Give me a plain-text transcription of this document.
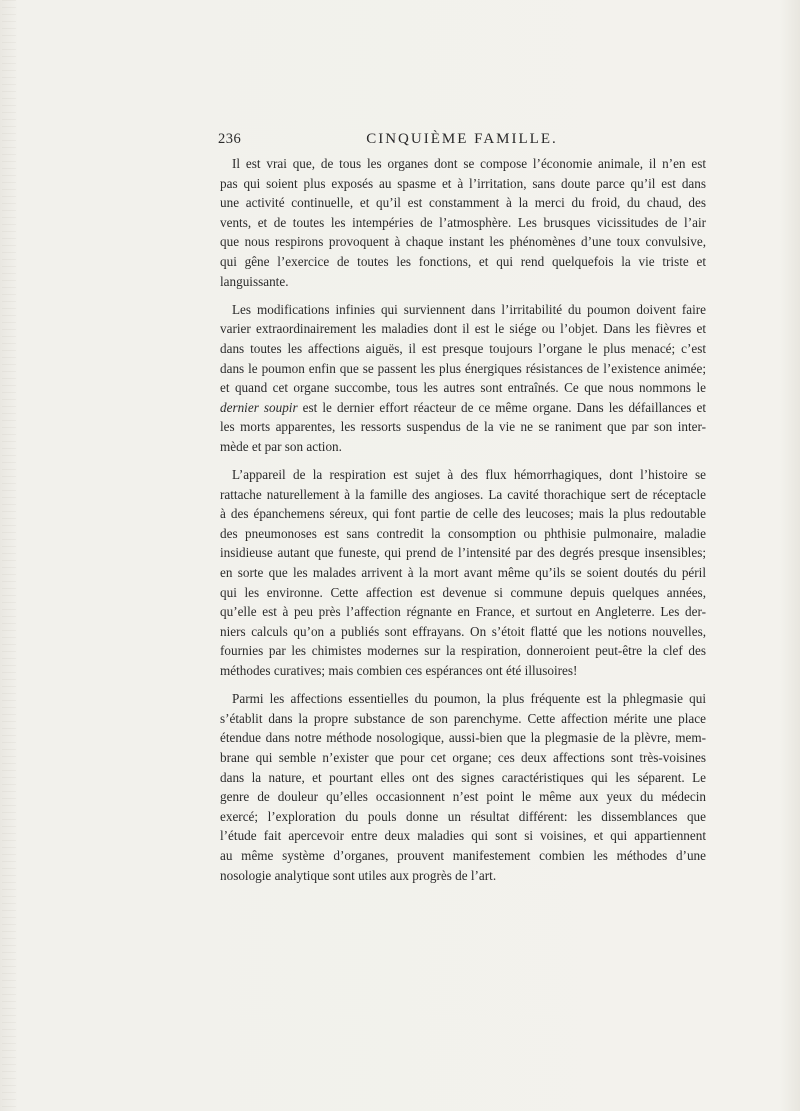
236	CINQUIÈME FAMILLE.

Il est vrai que, de tous les organes dont se compose l’économie animale, il n’en est
pas qui soient plus exposés au spasme et à l’irritation, sans doute parce qu’il est dans
une activité continuelle, et qu’il est constamment à la merci du froid, du chaud, des
vents, et de toutes les intempéries de l’atmosphère. Les brusques vicissitudes de l’air
que nous respirons provoquent à chaque instant les phénomènes d’une toux convulsive,
qui gêne l’exercice de toutes les fonctions, et qui rend quelquefois la vie triste et
languissante.

Les modifications infinies qui surviennent dans l’irritabilité du poumon doivent faire
varier extraordinairement les maladies dont il est le siége ou l’objet. Dans les fièvres et
dans toutes les affections aiguës, il est presque toujours l’organe le plus menacé; c’est
dans le poumon enfin que se passent les plus énergiques résistances de l’existence animée;
et quand cet organe succombe, tous les autres sont entraînés. Ce que nous nommons le
dernier soupir est le dernier effort réacteur de ce même organe. Dans les défaillances et
les morts apparentes, les ressorts suspendus de la vie ne se raniment que par son inter-
mède et par son action.

L’appareil de la respiration est sujet à des flux hémorrhagiques, dont l’histoire se
rattache naturellement à la famille des angioses. La cavité thorachique sert de réceptacle
à des épanchemens séreux, qui font partie de celle des leucoses; mais la plus redoutable
des pneumonoses est sans contredit la consomption ou phthisie pulmonaire, maladie
insidieuse autant que funeste, qui prend de l’intensité par des degrés presque insensibles;
en sorte que les malades arrivent à la mort avant même qu’ils se soient doutés du péril
qui les environne. Cette affection est devenue si commune depuis quelques années,
qu’elle est à peu près l’affection régnante en France, et surtout en Angleterre. Les der-
niers calculs qu’on a publiés sont effrayans. On s’étoit flatté que les notions nouvelles,
fournies par les chimistes modernes sur la respiration, donneroient peut-être la clef des
méthodes curatives; mais combien ces espérances ont été illusoires!

Parmi les affections essentielles du poumon, la plus fréquente est la phlegmasie qui
s’établit dans la propre substance de son parenchyme. Cette affection mérite une place
étendue dans notre méthode nosologique, aussi-bien que la plegmasie de la plèvre, mem-
brane qui semble n’exister que pour cet organe; ces deux affections sont très-voisines
dans la nature, et pourtant elles ont des signes caractéristiques qui les séparent. Le
genre de douleur qu’elles occasionnent n’est point le même aux yeux du médecin
exercé; l’exploration du pouls donne un résultat différent: les dissemblances que
l’étude fait apercevoir entre deux maladies qui sont si voisines, et qui appartiennent
au même système d’organes, prouvent manifestement combien les méthodes d’une
nosologie analytique sont utiles aux progrès de l’art.
